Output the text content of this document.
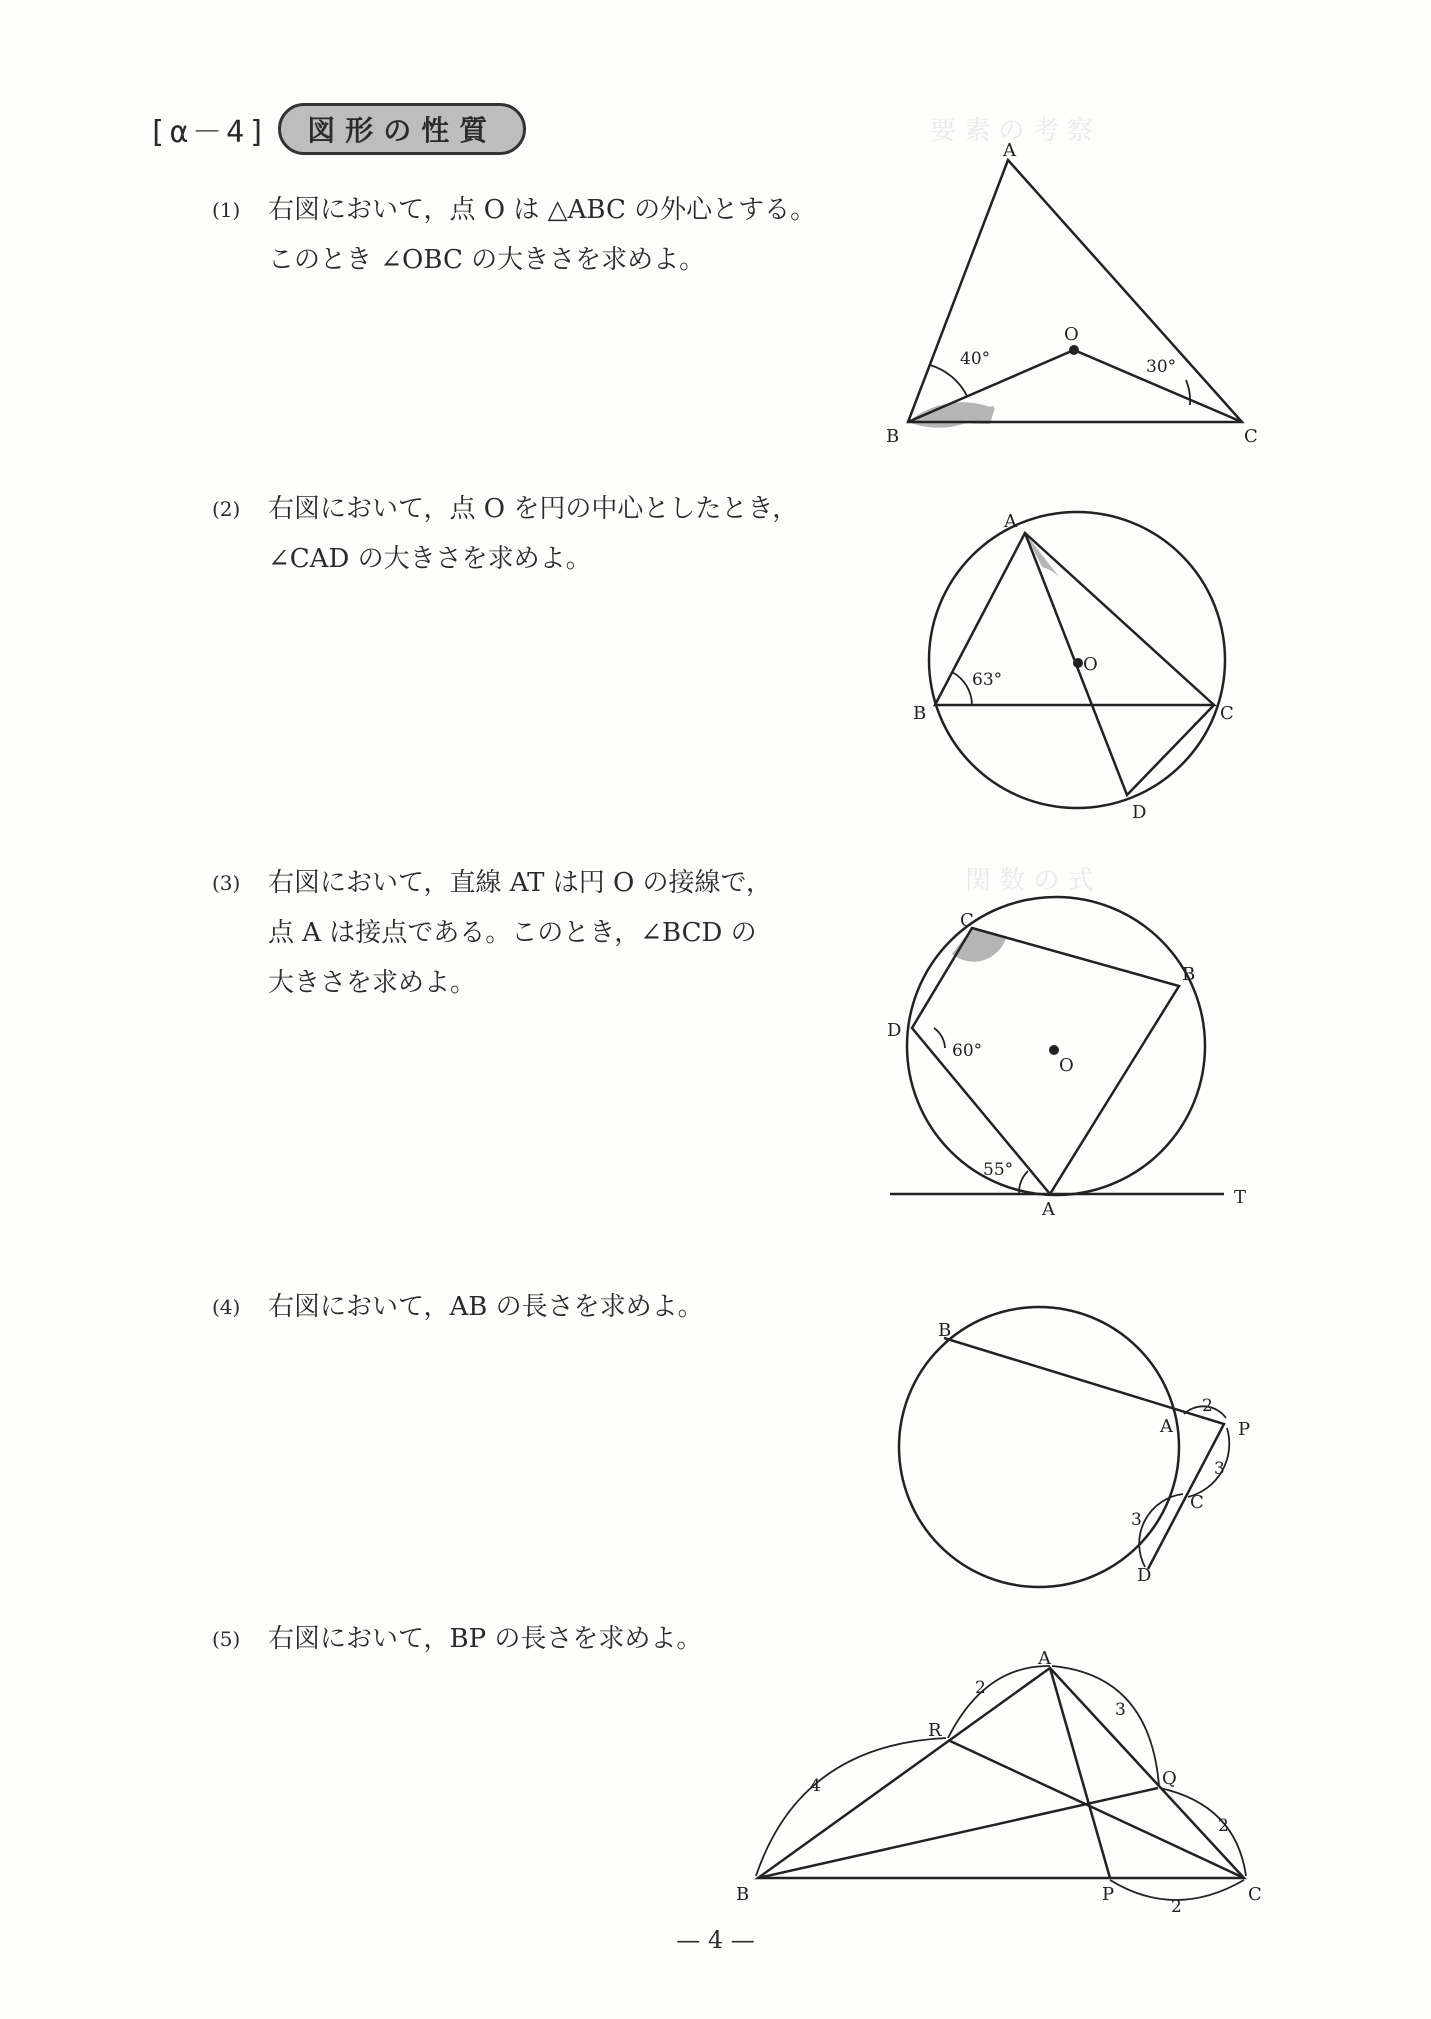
要 素 の 考 察
関 数 の 式
[α－4]	図形の性質
(1)	右図において，点 O は △ABC の外心とする。
このとき ∠OBC の大きさを求めよ。
A
B	C
O
40°	30°
(2)	右図において，点 O を円の中心としたとき，
∠CAD の大きさを求めよ。
A
B	C
D
O
63°
(3)	右図において，直線 AT は円 O の接線で，
点 A は接点である。このとき，∠BCD の
大きさを求めよ。
C
B
D
O
A
T
60°
55°
(4)	右図において，AB の長さを求めよ。
B
A	P
C
D
2
3
3
(5)	右図において，BP の長さを求めよ。
A
R
Q
B	P	C
2
4
3
2
2
— 4 —
